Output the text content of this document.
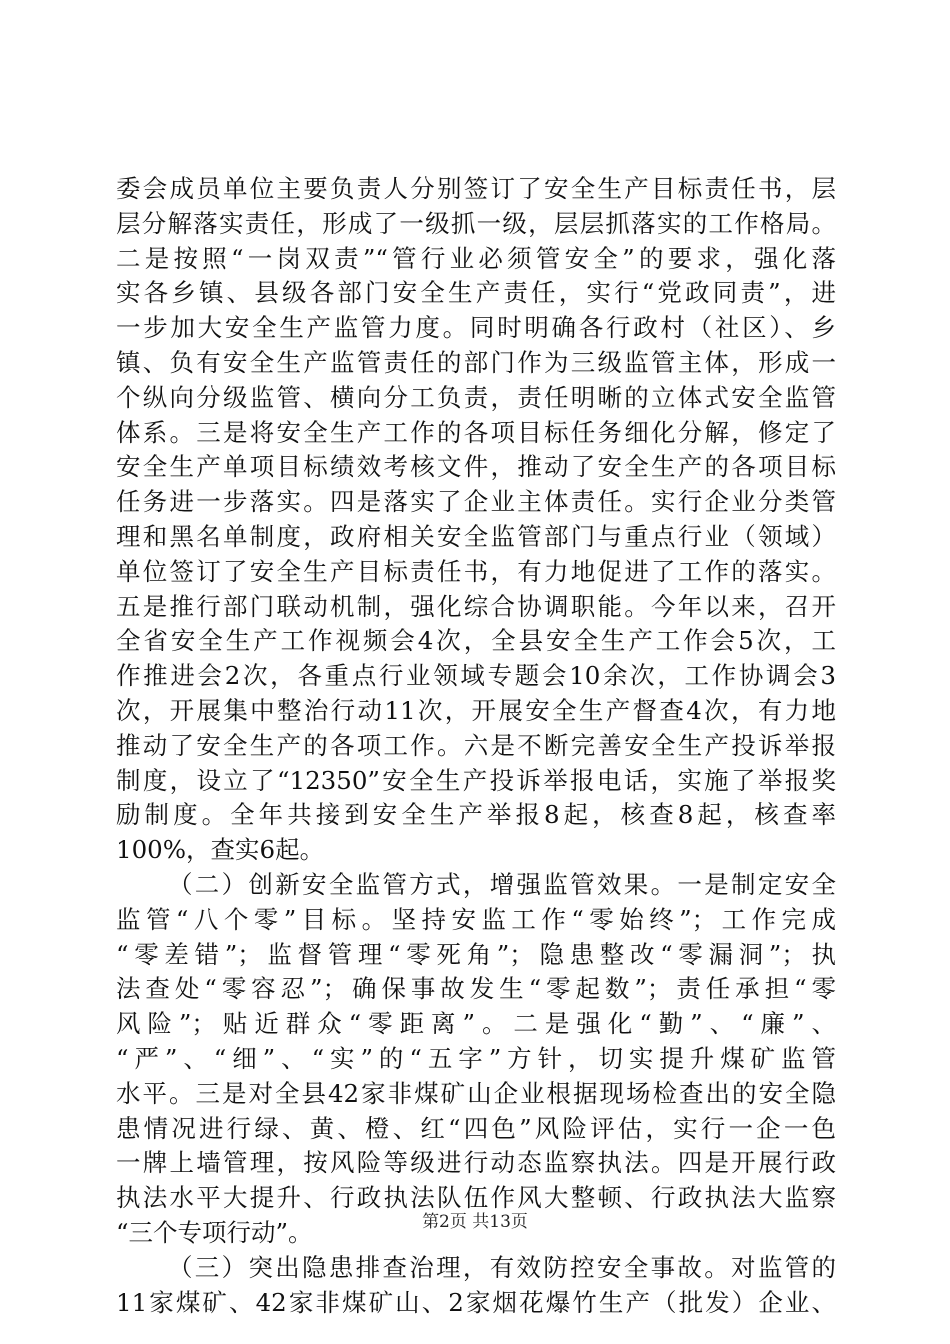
委会成员单位主要负责人分别签订了安全生产目标责任书，层
层分解落实责任，形成了一级抓一级，层层抓落实的工作格局。
二是按照“一岗双责”“管行业必须管安全”的要求，强化落
实各乡镇、县级各部门安全生产责任，实行“党政同责”，进
一步加大安全生产监管力度。同时明确各行政村（社区）、乡
镇、负有安全生产监管责任的部门作为三级监管主体，形成一
个纵向分级监管、横向分工负责，责任明晰的立体式安全监管
体系。三是将安全生产工作的各项目标任务细化分解，修定了
安全生产单项目标绩效考核文件，推动了安全生产的各项目标
任务进一步落实。四是落实了企业主体责任。实行企业分类管
理和黑名单制度，政府相关安全监管部门与重点行业（领域）
单位签订了安全生产目标责任书，有力地促进了工作的落实。
五是推行部门联动机制，强化综合协调职能。今年以来，召开
全省安全生产工作视频会4次，全县安全生产工作会5次，工
作推进会2次，各重点行业领域专题会10余次，工作协调会3
次，开展集中整治行动11次，开展安全生产督查4次，有力地
推动了安全生产的各项工作。六是不断完善安全生产投诉举报
制度，设立了“12350”安全生产投诉举报电话，实施了举报奖
励制度。全年共接到安全生产举报8起，核查8起，核查率
100%，查实6起。
（二）创新安全监管方式，增强监管效果。一是制定安全
监管“八个零”目标。坚持安监工作“零始终”；工作完成
“零差错”；监督管理“零死角”；隐患整改“零漏洞”；执
法查处“零容忍”；确保事故发生“零起数”；责任承担“零
风险”；贴近群众“零距离”。二是强化“勤”、“廉”、
“严”、“细”、“实”的“五字”方针，切实提升煤矿监管
水平。三是对全县42家非煤矿山企业根据现场检查出的安全隐
患情况进行绿、黄、橙、红“四色”风险评估，实行一企一色
一牌上墙管理，按风险等级进行动态监察执法。四是开展行政
执法水平大提升、行政执法队伍作风大整顿、行政执法大监察
“三个专项行动”。
（三）突出隐患排查治理，有效防控安全事故。对监管的
11家煤矿、42家非煤矿山、2家烟花爆竹生产（批发）企业、
第2页 共13页
